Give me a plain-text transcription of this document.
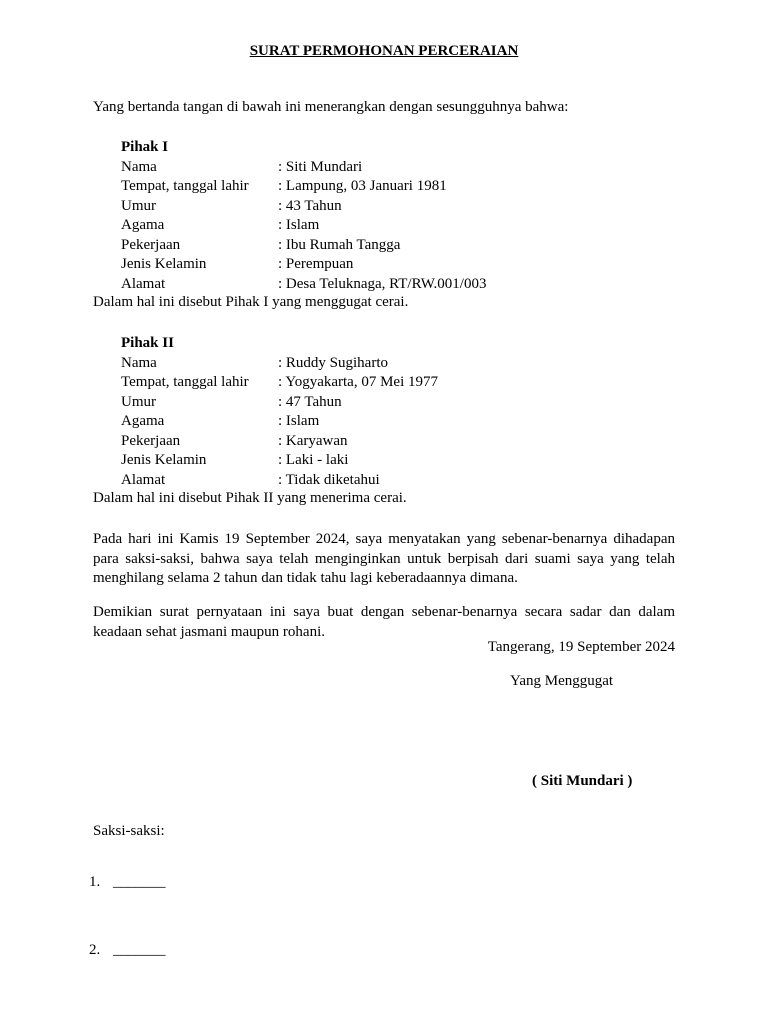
SURAT PERMOHONAN PERCERAIAN
Yang bertanda tangan di bawah ini menerangkan dengan sesungguhnya bahwa:
Pihak I
Nama	: Siti Mundari
Tempat, tanggal lahir	: Lampung, 03 Januari 1981
Umur	: 43 Tahun
Agama	: Islam
Pekerjaan	: Ibu Rumah Tangga
Jenis Kelamin	: Perempuan
Alamat	: Desa Teluknaga, RT/RW.001/003
Dalam hal ini disebut Pihak I yang menggugat cerai.
Pihak II
Nama	: Ruddy Sugiharto
Tempat, tanggal lahir	: Yogyakarta, 07 Mei 1977
Umur	: 47 Tahun
Agama	: Islam
Pekerjaan	: Karyawan
Jenis Kelamin	: Laki - laki
Alamat	: Tidak diketahui
Dalam hal ini disebut Pihak II yang menerima cerai.
Pada hari ini Kamis 19 September 2024, saya menyatakan yang sebenar-benarnya dihadapan para saksi-saksi, bahwa saya telah menginginkan untuk berpisah dari suami saya yang telah menghilang selama 2 tahun dan tidak tahu lagi keberadaannya dimana.
Demikian surat pernyataan ini saya buat dengan sebenar-benarnya secara sadar dan dalam keadaan sehat jasmani maupun rohani.
Tangerang, 19 September 2024
Yang Menggugat
( Siti Mundari )
Saksi-saksi:
1. _______
2. _______
